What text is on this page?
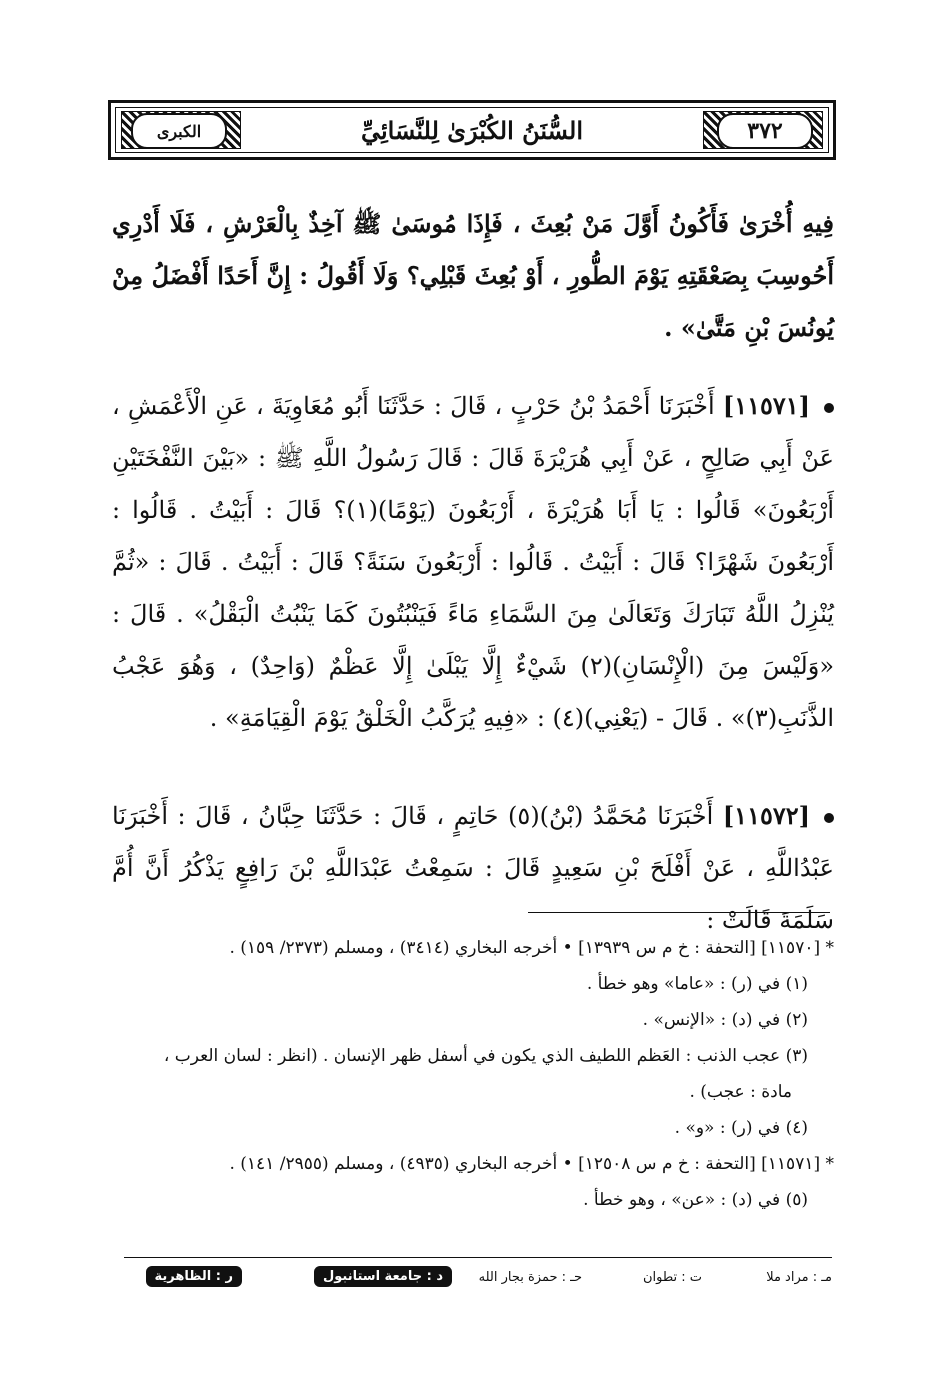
الكبرى	٣٧٢
السُّنَنُ الكُبْرَىٰ لِلنَّسَائِيِّ
فِيهِ أُخْرَىٰ فَأَكُونُ أَوَّلَ مَنْ بُعِثَ ، فَإِذَا مُوسَىٰ ﷺ آخِذٌ بِالْعَرْشِ ، فَلَا أَدْرِي أَحُوسِبَ بِصَعْقَتِهِ يَوْمَ الطُّورِ ، أَوْ بُعِثَ قَبْلِي؟ وَلَا أَقُولُ : إِنَّ أَحَدًا أَفْضَلُ مِنْ يُونُسَ بْنِ مَتَّىٰ» .
[١١٥٧١] أَخْبَرَنَا أَحْمَدُ بْنُ حَرْبٍ ، قَالَ : حَدَّثَنَا أَبُو مُعَاوِيَةَ ، عَنِ الْأَعْمَشِ ، عَنْ أَبِي صَالِحٍ ، عَنْ أَبِي هُرَيْرَةَ قَالَ : قَالَ رَسُولُ اللَّهِ ﷺ : «بَيْنَ النَّفْخَتَيْنِ أَرْبَعُونَ» قَالُوا : يَا أَبَا هُرَيْرَةَ ، أَرْبَعُونَ (يَوْمًا)(١)؟ قَالَ : أَبَيْتُ . قَالُوا : أَرْبَعُونَ شَهْرًا؟ قَالَ : أَبَيْتُ . قَالُوا : أَرْبَعُونَ سَنَةً؟ قَالَ : أَبَيْتُ . قَالَ : «ثُمَّ يُنْزِلُ اللَّهُ تَبَارَكَ وَتَعَالَىٰ مِنَ السَّمَاءِ مَاءً فَيَنْبُتُونَ كَمَا يَنْبُتُ الْبَقْلُ» . قَالَ : «وَلَيْسَ مِنَ (الْإِنْسَانِ)(٢) شَيْءٌ إِلَّا يَبْلَىٰ إِلَّا عَظْمٌ (وَاحِدٌ) ، وَهُوَ عَجْبُ الذَّنَبِ(٣)» . قَالَ - (يَعْنِي)(٤) : «فِيهِ يُرَكَّبُ الْخَلْقُ يَوْمَ الْقِيَامَةِ» .
[١١٥٧٢] أَخْبَرَنَا مُحَمَّدُ (بْنُ)(٥) حَاتِمٍ ، قَالَ : حَدَّثَنَا حِبَّانُ ، قَالَ : أَخْبَرَنَا عَبْدُاللَّهِ ، عَنْ أَفْلَحَ بْنِ سَعِيدٍ قَالَ : سَمِعْتُ عَبْدَاللَّهِ بْنَ رَافِعٍ يَذْكُرُ أَنَّ أُمَّ سَلَمَةَ قَالَتْ :
* [١١٥٧٠] [التحفة : خ م س ١٣٩٣٩] • أخرجه البخاري (٣٤١٤) ، ومسلم (٢٣٧٣/ ١٥٩) .
(١) في (ر) : «عاما» وهو خطأ .
(٢) في (د) : «الإنس» .
(٣) عجب الذنب : العَظم اللطيف الذي يكون في أسفل ظهر الإنسان . (انظر : لسان العرب ،
مادة : عجب) .
(٤) في (ر) : «و» .
* [١١٥٧١] [التحفة : خ م س ١٢٥٠٨] • أخرجه البخاري (٤٩٣٥) ، ومسلم (٢٩٥٥/ ١٤١) .
(٥) في (د) : «عن» ، وهو خطأ .
مـ : مراد ملا
ت : تطوان
حـ : حمزة بجار الله
د : جامعة استانبول
ر : الظاهرية
